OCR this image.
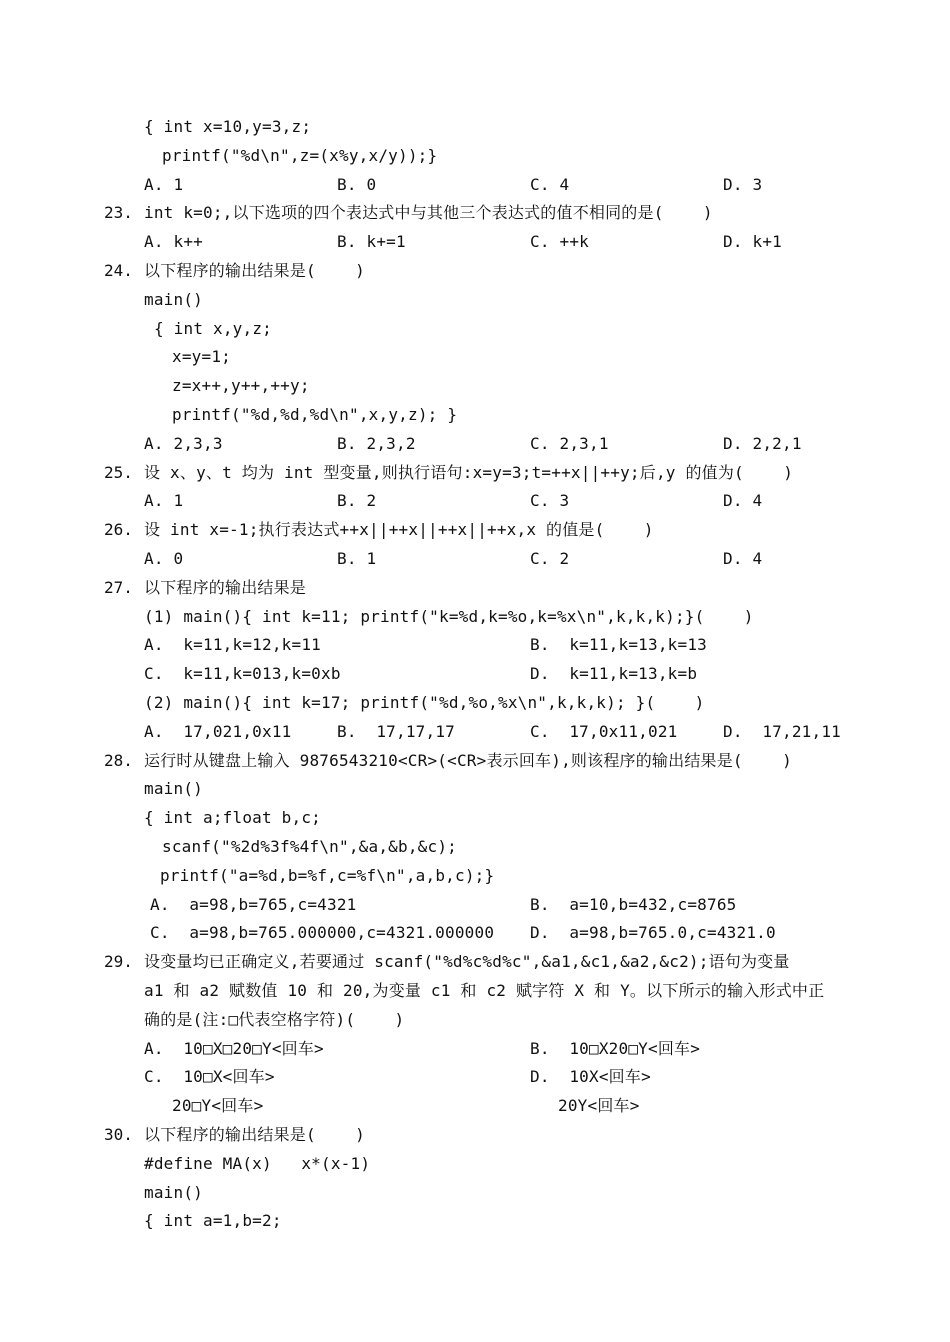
{ int x=10,y=3,z;
printf("%d\n",z=(x%y,x/y));}
A. 1	B. 0	C. 4	D. 3
23. int k=0;,以下选项的四个表达式中与其他三个表达式的值不相同的是(    )
A. k++	B. k+=1	C. ++k	D. k+1
24. 以下程序的输出结果是(    )
main()
{ int x,y,z;
x=y=1;
z=x++,y++,++y;
printf("%d,%d,%d\n",x,y,z); }
A. 2,3,3	B. 2,3,2	C. 2,3,1	D. 2,2,1
25. 设 x、y、t 均为 int 型变量,则执行语句:x=y=3;t=++x||++y;后,y 的值为(    )
A. 1	B. 2	C. 3	D. 4
26. 设 int x=-1;执行表达式++x||++x||++x||++x,x 的值是(    )
A. 0	B. 1	C. 2	D. 4
27. 以下程序的输出结果是
(1) main(){ int k=11; printf("k=%d,k=%o,k=%x\n",k,k,k);}(    )
A.  k=11,k=12,k=11	B.  k=11,k=13,k=13
C.  k=11,k=013,k=0xb	D.  k=11,k=13,k=b
(2) main(){ int k=17; printf("%d,%o,%x\n",k,k,k); }(    )
A.  17,021,0x11	B.  17,17,17	C.  17,0x11,021	D.  17,21,11
28. 运行时从键盘上输入 9876543210<CR>(<CR>表示回车),则该程序的输出结果是(    )
main()
{ int a;float b,c;
scanf("%2d%3f%4f\n",&a,&b,&c);
printf("a=%d,b=%f,c=%f\n",a,b,c);}
A.  a=98,b=765,c=4321	B.  a=10,b=432,c=8765
C.  a=98,b=765.000000,c=4321.000000 D.  a=98,b=765.0,c=4321.0
29. 设变量均已正确定义,若要通过 scanf("%d%c%d%c",&a1,&c1,&a2,&c2);语句为变量
a1 和 a2 赋数值 10 和 20,为变量 c1 和 c2 赋字符 X 和 Y。以下所示的输入形式中正
确的是(注:□代表空格字符)(    )
A.  10□X□20□Y<回车>	B.  10□X20□Y<回车>
C.  10□X<回车>	D.  10X<回车>
20□Y<回车>	20Y<回车>
30. 以下程序的输出结果是(    )
#define MA(x)   x*(x-1)
main()
{ int a=1,b=2;
